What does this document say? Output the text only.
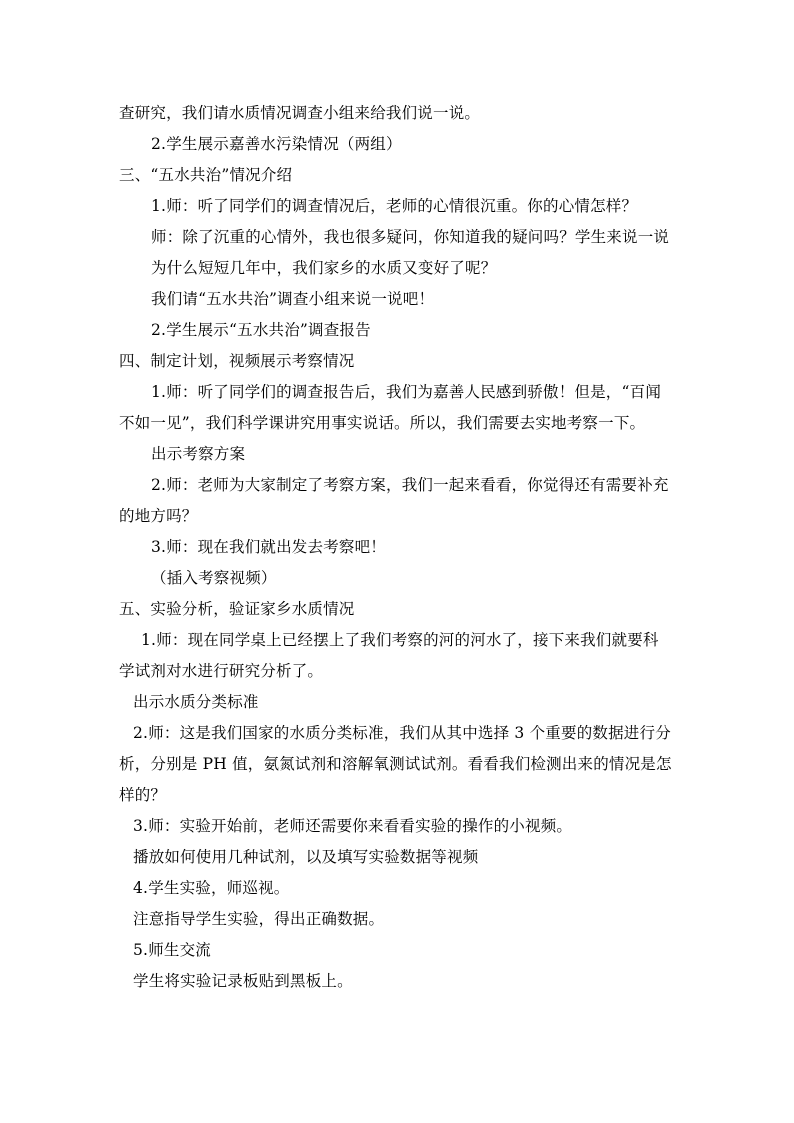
查研究，我们请水质情况调查小组来给我们说一说。
2.学生展示嘉善水污染情况（两组）
三、“五水共治”情况介绍
1.师：听了同学们的调查情况后，老师的心情很沉重。你的心情怎样？
师：除了沉重的心情外，我也很多疑问，你知道我的疑问吗？学生来说一说
为什么短短几年中，我们家乡的水质又变好了呢？
我们请“五水共治”调查小组来说一说吧！
2.学生展示“五水共治”调查报告
四、制定计划，视频展示考察情况
1.师：听了同学们的调查报告后，我们为嘉善人民感到骄傲！但是，“百闻
不如一见”，我们科学课讲究用事实说话。所以，我们需要去实地考察一下。
出示考察方案
2.师：老师为大家制定了考察方案，我们一起来看看，你觉得还有需要补充
的地方吗？
3.师：现在我们就出发去考察吧！
（插入考察视频）
五、实验分析，验证家乡水质情况
1.师：现在同学桌上已经摆上了我们考察的河的河水了，接下来我们就要科
学试剂对水进行研究分析了。
出示水质分类标准
2.师：这是我们国家的水质分类标准，我们从其中选择 3 个重要的数据进行分
析，分别是 PH 值，氨氮试剂和溶解氧测试试剂。看看我们检测出来的情况是怎
样的？
3.师：实验开始前，老师还需要你来看看实验的操作的小视频。
播放如何使用几种试剂，以及填写实验数据等视频
4.学生实验，师巡视。
注意指导学生实验，得出正确数据。
5.师生交流
学生将实验记录板贴到黑板上。
